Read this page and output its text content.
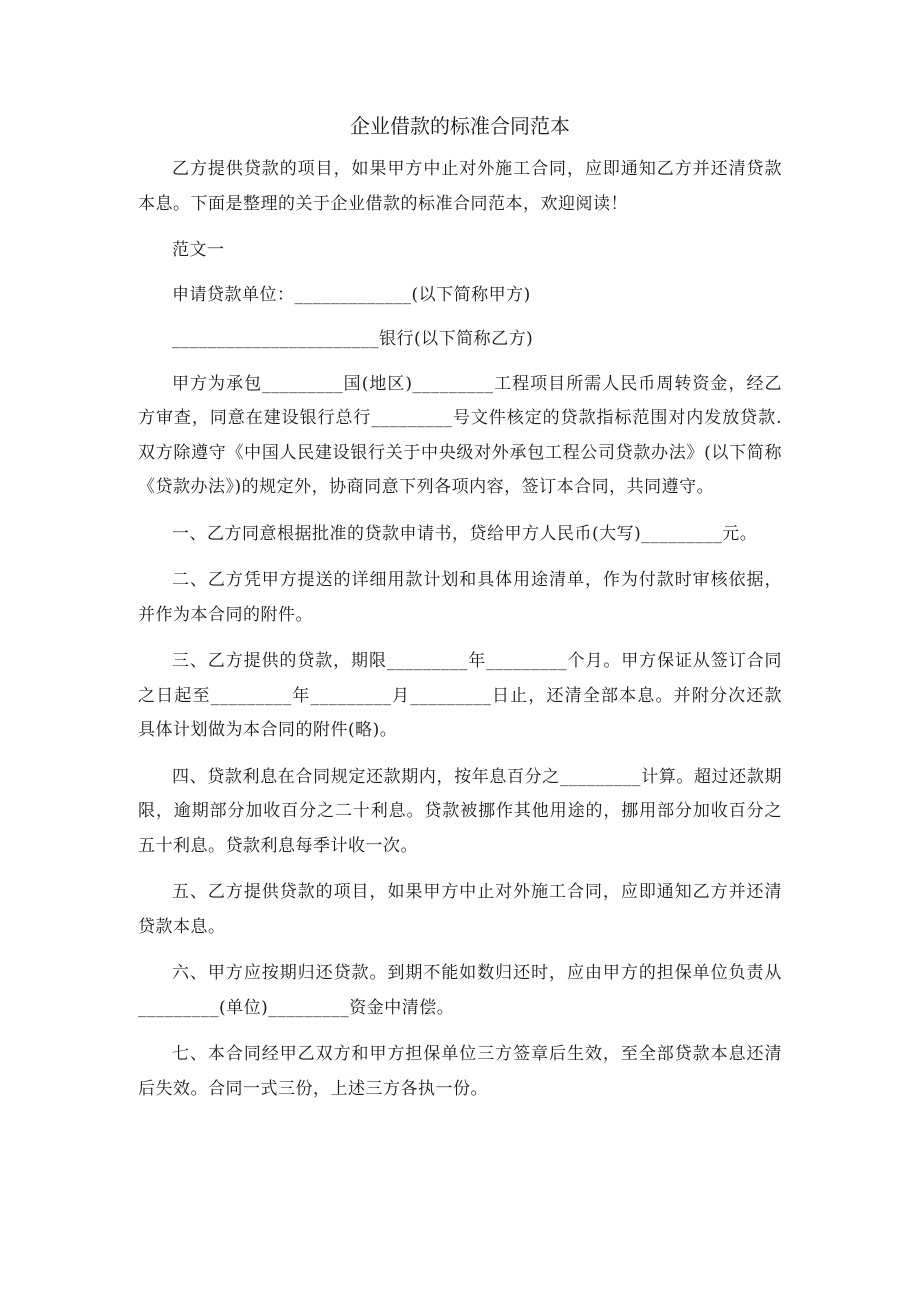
企业借款的标准合同范本

乙方提供贷款的项目，如果甲方中止对外施工合同，应即通知乙方并还清贷款本息。下面是整理的关于企业借款的标准合同范本，欢迎阅读！

范文一

申请贷款单位：_____________(以下简称甲方)

_______________________银行(以下简称乙方)

甲方为承包_________国(地区)_________工程项目所需人民币周转资金，经乙方审查，同意在建设银行总行_________号文件核定的贷款指标范围对内发放贷款.双方除遵守《中国人民建设银行关于中央级对外承包工程公司贷款办法》(以下简称《贷款办法》)的规定外，协商同意下列各项内容，签订本合同，共同遵守。

一、乙方同意根据批准的贷款申请书，贷给甲方人民币(大写)_________元。

二、乙方凭甲方提送的详细用款计划和具体用途清单，作为付款时审核依据，并作为本合同的附件。

三、乙方提供的贷款，期限_________年_________个月。甲方保证从签订合同之日起至_________年_________月_________日止，还清全部本息。并附分次还款具体计划做为本合同的附件(略)。

四、贷款利息在合同规定还款期内，按年息百分之_________计算。超过还款期限，逾期部分加收百分之二十利息。贷款被挪作其他用途的，挪用部分加收百分之五十利息。贷款利息每季计收一次。

五、乙方提供贷款的项目，如果甲方中止对外施工合同，应即通知乙方并还清贷款本息。

六、甲方应按期归还贷款。到期不能如数归还时，应由甲方的担保单位负责从_________(单位)_________资金中清偿。

七、本合同经甲乙双方和甲方担保单位三方签章后生效，至全部贷款本息还清后失效。合同一式三份，上述三方各执一份。
